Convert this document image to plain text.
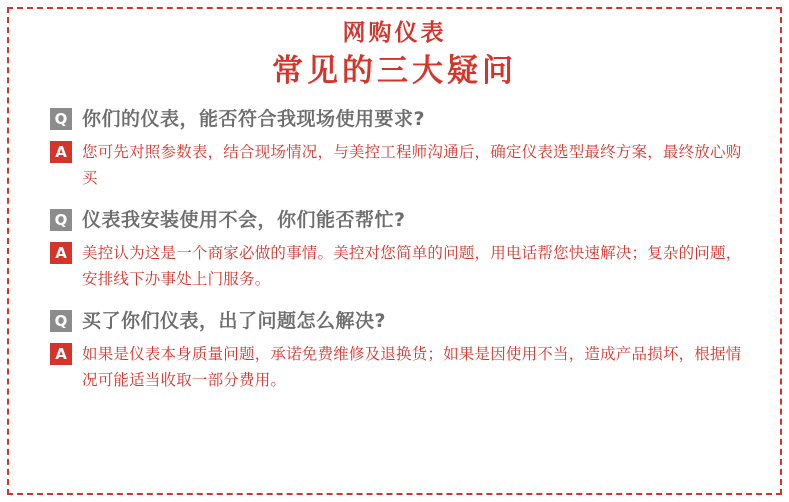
网购仪表
常见的三大疑问
Q 你们的仪表，能否符合我现场使用要求?
A 您可先对照参数表，结合现场情况，与美控工程师沟通后，确定仪表选型最终方案，最终放心购买
Q 仪表我安装使用不会，你们能否帮忙?
A 美控认为这是一个商家必做的事情。美控对您简单的问题，用电话帮您快速解决；复杂的问题，安排线下办事处上门服务。
Q 买了你们仪表，出了问题怎么解决?
A 如果是仪表本身质量问题，承诺免费维修及退换货；如果是因使用不当，造成产品损坏，根据情况可能适当收取一部分费用。
